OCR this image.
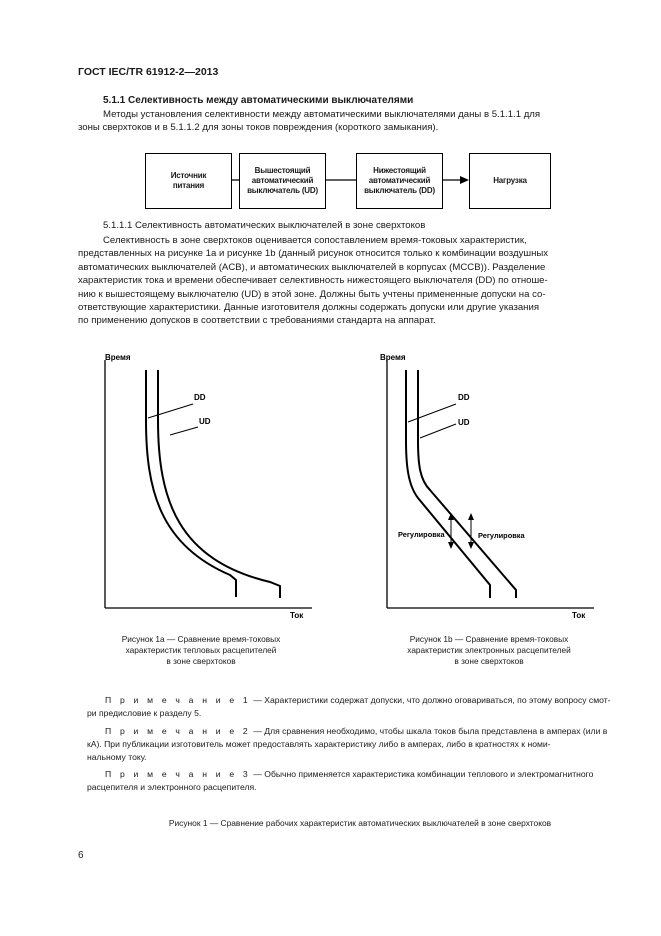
ГОСТ IEC/TR 61912-2—2013
5.1.1 Селективность между автоматическими выключателями
Методы установления селективности между автоматическими выключателями даны в 5.1.1.1 для
зоны сверхтоков и в 5.1.1.2 для зоны токов повреждения (короткого замыкания).
Источник
питания
Вышестоящий
автоматический
выключатель (UD)
Нижестоящий
автоматический
выключатель (DD)
Нагрузка
5.1.1.1 Селективность автоматических выключателей в зоне сверхтоков
Селективность в зоне сверхтоков оценивается сопоставлением время-токовых характеристик,
представленных на рисунке 1а и рисунке 1b (данный рисунок относится только к комбинации воздушных
автоматических выключателей (ACB), и автоматических выключателей в корпусах (MCCB)). Разделение
характеристик тока и времени обеспечивает селективность нижестоящего выключателя (DD) по отноше-
нию к вышестоящему выключателю (UD) в этой зоне. Должны быть учтены примененные допуски на со-
ответствующие характеристики. Данные изготовителя должны содержать допуски или другие указания
по применению допусков в соответствии с требованиями стандарта на аппарат.
Время
Ток
DD
UD
Рисунок 1a — Сравнение время-токовых
характеристик тепловых расцепителей
в зоне сверхтоков
Время
Ток
DD
UD
Регулировка	Регулировка
Рисунок 1b — Сравнение время-токовых
характеристик электронных расцепителей
в зоне сверхтоков
П р и м е ч а н и е 1 — Характеристики содержат допуски, что должно оговариваться, по этому вопросу смот-
ри предисловие к разделу 5.
П р и м е ч а н и е 2 — Для сравнения необходимо, чтобы шкала токов была представлена в амперах (или в
кА). При публикации изготовитель может предоставлять характеристику либо в амперах, либо в кратностях к номи-
нальному току.
П р и м е ч а н и е 3 — Обычно применяется характеристика комбинации теплового и электромагнитного
расцепителя и электронного расцепителя.
Рисунок 1 — Сравнение рабочих характеристик автоматических выключателей в зоне сверхтоков
6
